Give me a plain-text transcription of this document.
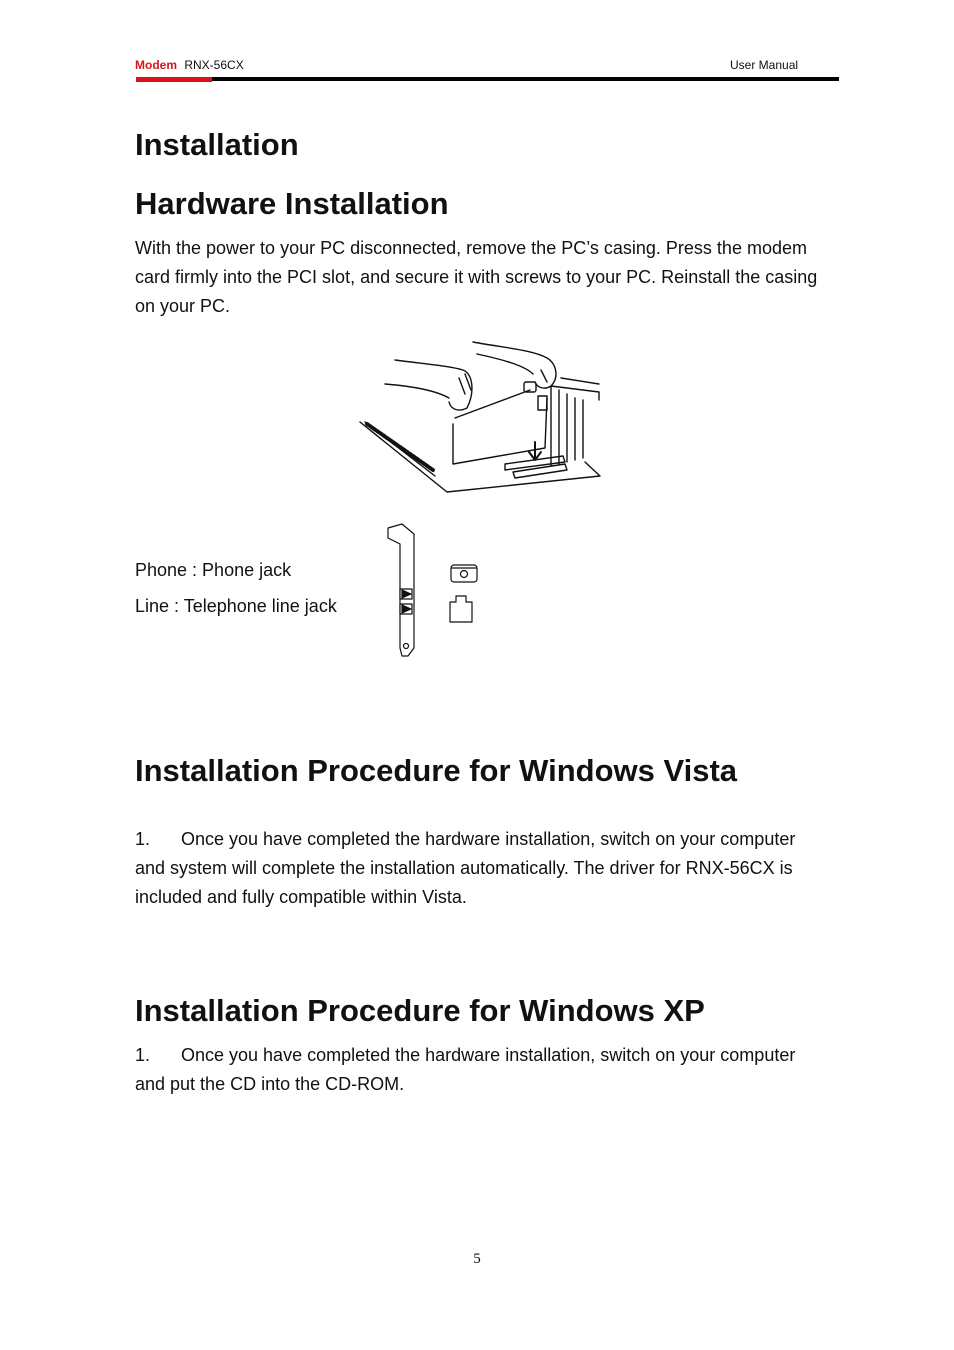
Modem RNX-56CX	User Manual
Installation
Hardware Installation

With the power to your PC disconnected, remove the PC’s casing. Press the modem card firmly into the PCI slot, and secure it with screws to your PC. Reinstall the casing on your PC.

Phone : Phone jack
Line : Telephone line jack
Installation Procedure for Windows Vista

1. Once you have completed the hardware installation, switch on your computer and system will complete the installation automatically. The driver for RNX-56CX is included and fully compatible within Vista.

Installation Procedure for Windows XP

1. Once you have completed the hardware installation, switch on your computer and put the CD into the CD-ROM.

5
